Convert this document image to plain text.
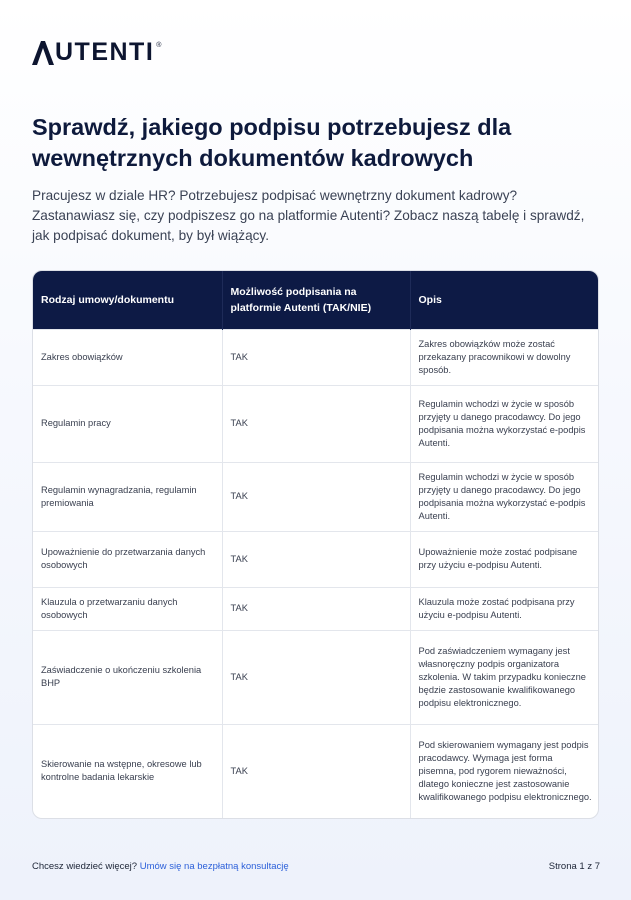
UTENTI ®
Sprawdź, jakiego podpisu potrzebujesz dla
wewnętrznych dokumentów kadrowych

Pracujesz w dziale HR? Potrzebujesz podpisać wewnętrzny dokument kadrowy?
Zastanawiasz się, czy podpiszesz go na platformie Autenti? Zobacz naszą tabelę i sprawdź,
jak podpisać dokument, by był wiążący.

Rodzaj umowy/dokumentu	Możliwość podpisania na platformie Autenti (TAK/NIE)	Opis
Zakres obowiązków	TAK	Zakres obowiązków może zostać przekazany pracownikowi w dowolny sposób.
Regulamin pracy	TAK	Regulamin wchodzi w życie w sposób przyjęty u danego pracodawcy. Do jego podpisania można wykorzystać e-podpis Autenti.
Regulamin wynagradzania, regulamin premiowania	TAK	Regulamin wchodzi w życie w sposób przyjęty u danego pracodawcy. Do jego podpisania można wykorzystać e-podpis Autenti.
Upoważnienie do przetwarzania danych osobowych	TAK	Upoważnienie może zostać podpisane przy użyciu e-podpisu Autenti.
Klauzula o przetwarzaniu danych osobowych	TAK	Klauzula może zostać podpisana przy użyciu e-podpisu Autenti.
Zaświadczenie o ukończeniu szkolenia BHP	TAK	Pod zaświadczeniem wymagany jest własnoręczny podpis organizatora szkolenia. W takim przypadku konieczne będzie zastosowanie kwalifikowanego podpisu elektronicznego.
Skierowanie na wstępne, okresowe lub kontrolne badania lekarskie	TAK	Pod skierowaniem wymagany jest podpis pracodawcy. Wymaga jest forma pisemna, pod rygorem nieważności, dlatego konieczne jest zastosowanie kwalifikowanego podpisu elektronicznego.
Chcesz wiedzieć więcej? Umów się na bezpłatną konsultację	Strona 1 z 7
